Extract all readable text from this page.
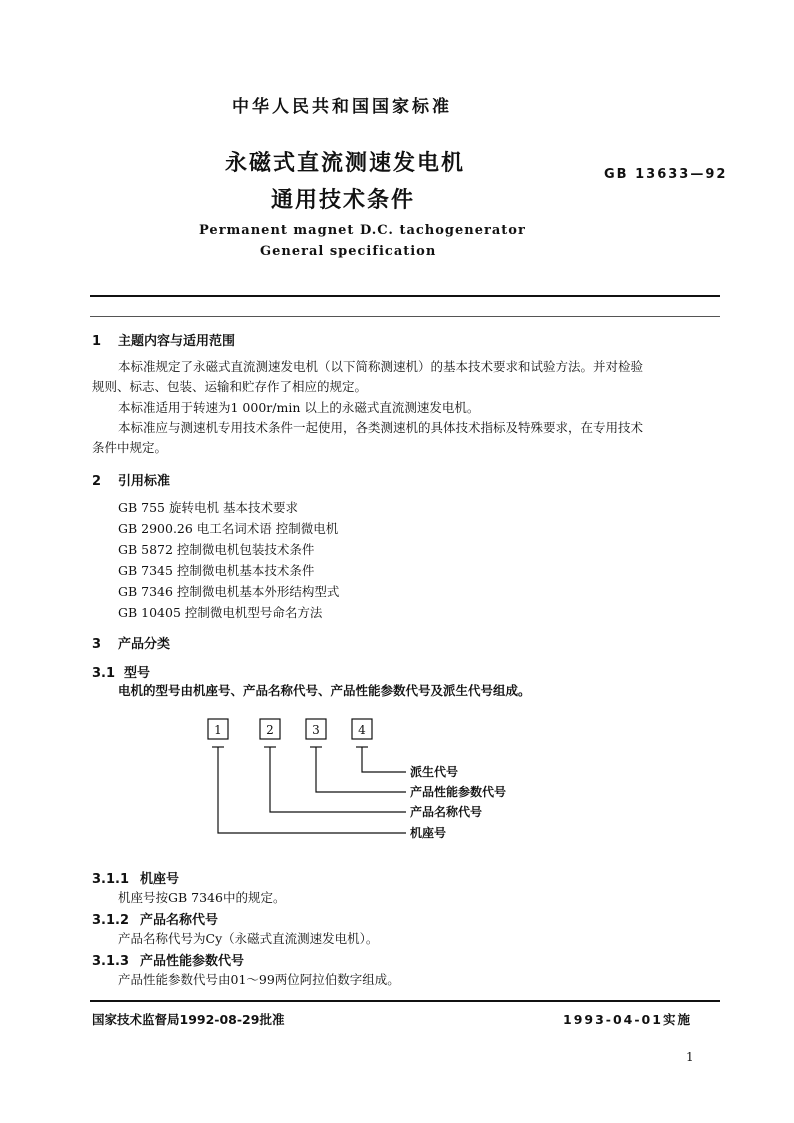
中华人民共和国国家标准
永磁式直流测速发电机
通用技术条件
GB 13633—92
Permanent magnet D.C. tachogenerator
General specification
1 主题内容与适用范围
本标准规定了永磁式直流测速发电机（以下简称测速机）的基本技术要求和试验方法。并对检验
规则、标志、包装、运输和贮存作了相应的规定。
本标准适用于转速为1 000r/min 以上的永磁式直流测速发电机。
本标准应与测速机专用技术条件一起使用，各类测速机的具体技术指标及特殊要求，在专用技术
条件中规定。
2 引用标准
GB 755 旋转电机 基本技术要求
GB 2900.26 电工名词术语 控制微电机
GB 5872 控制微电机包装技术条件
GB 7345 控制微电机基本技术条件
GB 7346 控制微电机基本外形结构型式
GB 10405 控制微电机型号命名方法
3 产品分类
3.1 型号
电机的型号由机座号、产品名称代号、产品性能参数代号及派生代号组成。
1	2	3	4
派生代号
产品性能参数代号
产品名称代号
机座号
3.1.1 机座号
机座号按GB 7346中的规定。
3.1.2 产品名称代号
产品名称代号为Cy（永磁式直流测速发电机）。
3.1.3 产品性能参数代号
产品性能参数代号由01～99两位阿拉伯数字组成。
国家技术监督局1992-08-29批准	1993-04-01实施
1
